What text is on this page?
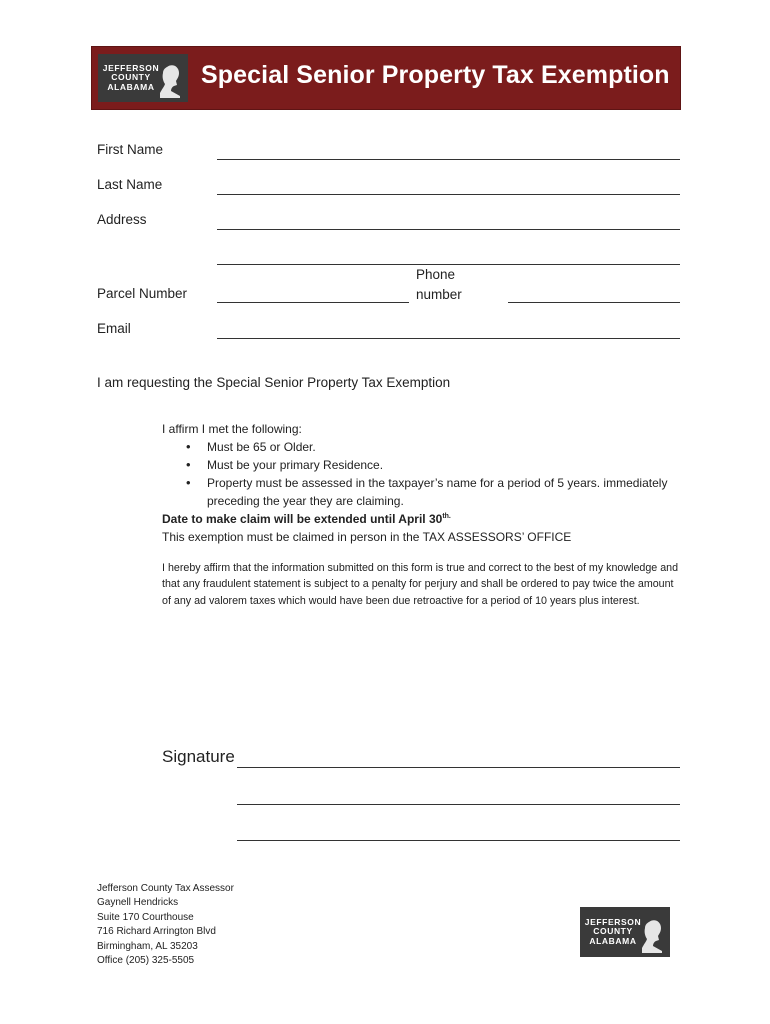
JEFFERSON
COUNTY
ALABAMA Special Senior Property Tax Exemption
First Name
Last Name
Address
Parcel Number
Phone
number
Email
I am requesting the Special Senior Property Tax Exemption
I affirm I met the following:
• Must be 65 or Older.
• Must be your primary Residence.
• Property must be assessed in the taxpayer’s name for a period of 5 years. immediately preceding the year they are claiming.
Date to make claim will be extended until April $30^{th.}$
This exemption must be claimed in person in the TAX ASSESSORS’ OFFICE
I hereby affirm that the information submitted on this form is true and correct to the best of my knowledge and that any fraudulent statement is subject to a penalty for perjury and shall be ordered to pay twice the amount of any ad valorem taxes which would have been due retroactive for a period of 10 years plus interest.
Signature
Jefferson County Tax Assessor
Gaynell Hendricks
Suite 170 Courthouse
716 Richard Arrington Blvd
Birmingham, AL 35203
Office (205) 325-5505
JEFFERSON
COUNTY
ALABAMA
